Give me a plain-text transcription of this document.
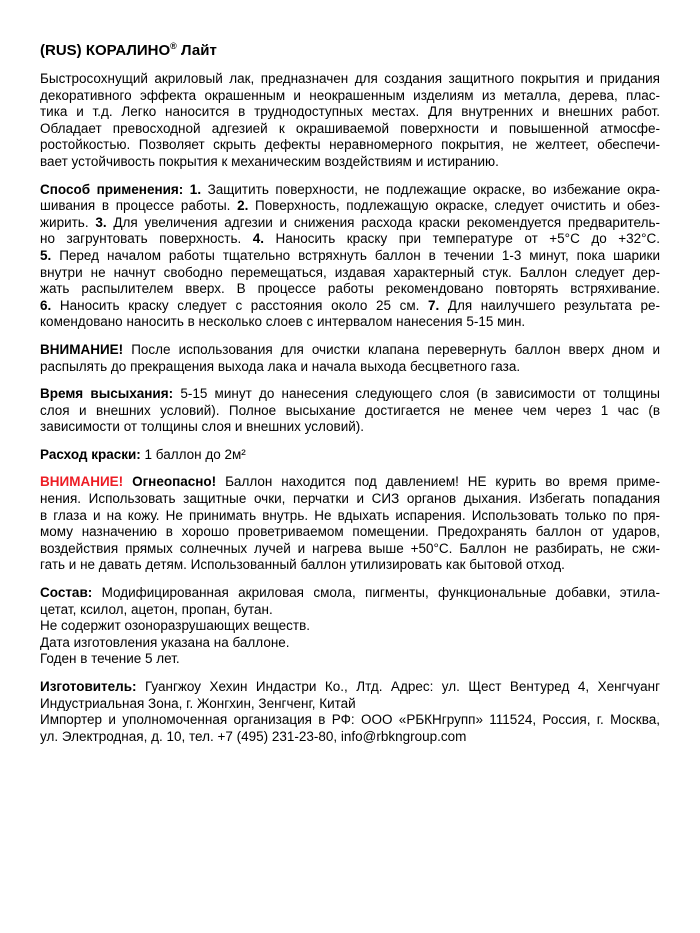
(RUS) КОРАЛИНО® Лайт
Быстросохнущий акриловый лак, предназначен для создания защитного покрытия и придания
декоративного эффекта окрашенным и неокрашенным изделиям из металла, дерева, плас-
тика и т.д. Легко наносится в труднодоступных местах. Для внутренних и внешних работ.
Обладает превосходной адгезией к окрашиваемой поверхности и повышенной атмосфе-
ростойкостью. Позволяет скрыть дефекты неравномерного покрытия, не желтеет, обеспечи-
вает устойчивость покрытия к механическим воздействиям и истиранию.
Способ применения: 1. Защитить поверхности, не подлежащие окраске, во избежание окра-
шивания в процессе работы. 2. Поверхность, подлежащую окраске, следует очистить и обез-
жирить. 3. Для увеличения адгезии и снижения расхода краски рекомендуется предваритель-
но загрунтовать поверхность. 4. Наносить краску при температуре от +5°С до +32°С.
5. Перед началом работы тщательно встряхнуть баллон в течении 1-3 минут, пока шарики
внутри не начнут свободно перемещаться, издавая характерный стук. Баллон следует дер-
жать распылителем вверх. В процессе работы рекомендовано повторять встряхивание.
6. Наносить краску следует с расстояния около 25 см. 7. Для наилучшего результата ре-
комендовано наносить в несколько слоев с интервалом нанесения 5-15 мин.
ВНИМАНИЕ! После использования для очистки клапана перевернуть баллон вверх дном и
распылять до прекращения выхода лака и начала выхода бесцветного газа.
Время высыхания: 5-15 минут до нанесения следующего слоя (в зависимости от толщины
слоя и внешних условий). Полное высыхание достигается не менее чем через 1 час (в
зависимости от толщины слоя и внешних условий).
Расход краски: 1 баллон до 2м²
ВНИМАНИЕ! Огнеопасно! Баллон находится под давлением! НЕ курить во время приме-
нения. Использовать защитные очки, перчатки и СИЗ органов дыхания. Избегать попадания
в глаза и на кожу. Не принимать внутрь. Не вдыхать испарения. Использовать только по пря-
мому назначению в хорошо проветриваемом помещении. Предохранять баллон от ударов,
воздействия прямых солнечных лучей и нагрева выше +50°С. Баллон не разбирать, не сжи-
гать и не давать детям. Использованный баллон утилизировать как бытовой отход.
Состав: Модифицированная акриловая смола, пигменты, функциональные добавки, этила-
цетат, ксилол, ацетон, пропан, бутан.
Не содержит озоноразрушающих веществ.
Дата изготовления указана на баллоне.
Годен в течение 5 лет.
Изготовитель: Гуангжоу Хехин Индастри Ко., Лтд. Адрес: ул. Щест Вентуред 4, Хенгчуанг
Индустриальная Зона, г. Жонгхин, Зенгченг, Китай
Импортер и уполномоченная организация в РФ: ООО «РБКНгрупп» 111524, Россия, г. Москва,
ул. Электродная, д. 10, тел. +7 (495) 231-23-80, info@rbkngroup.com
